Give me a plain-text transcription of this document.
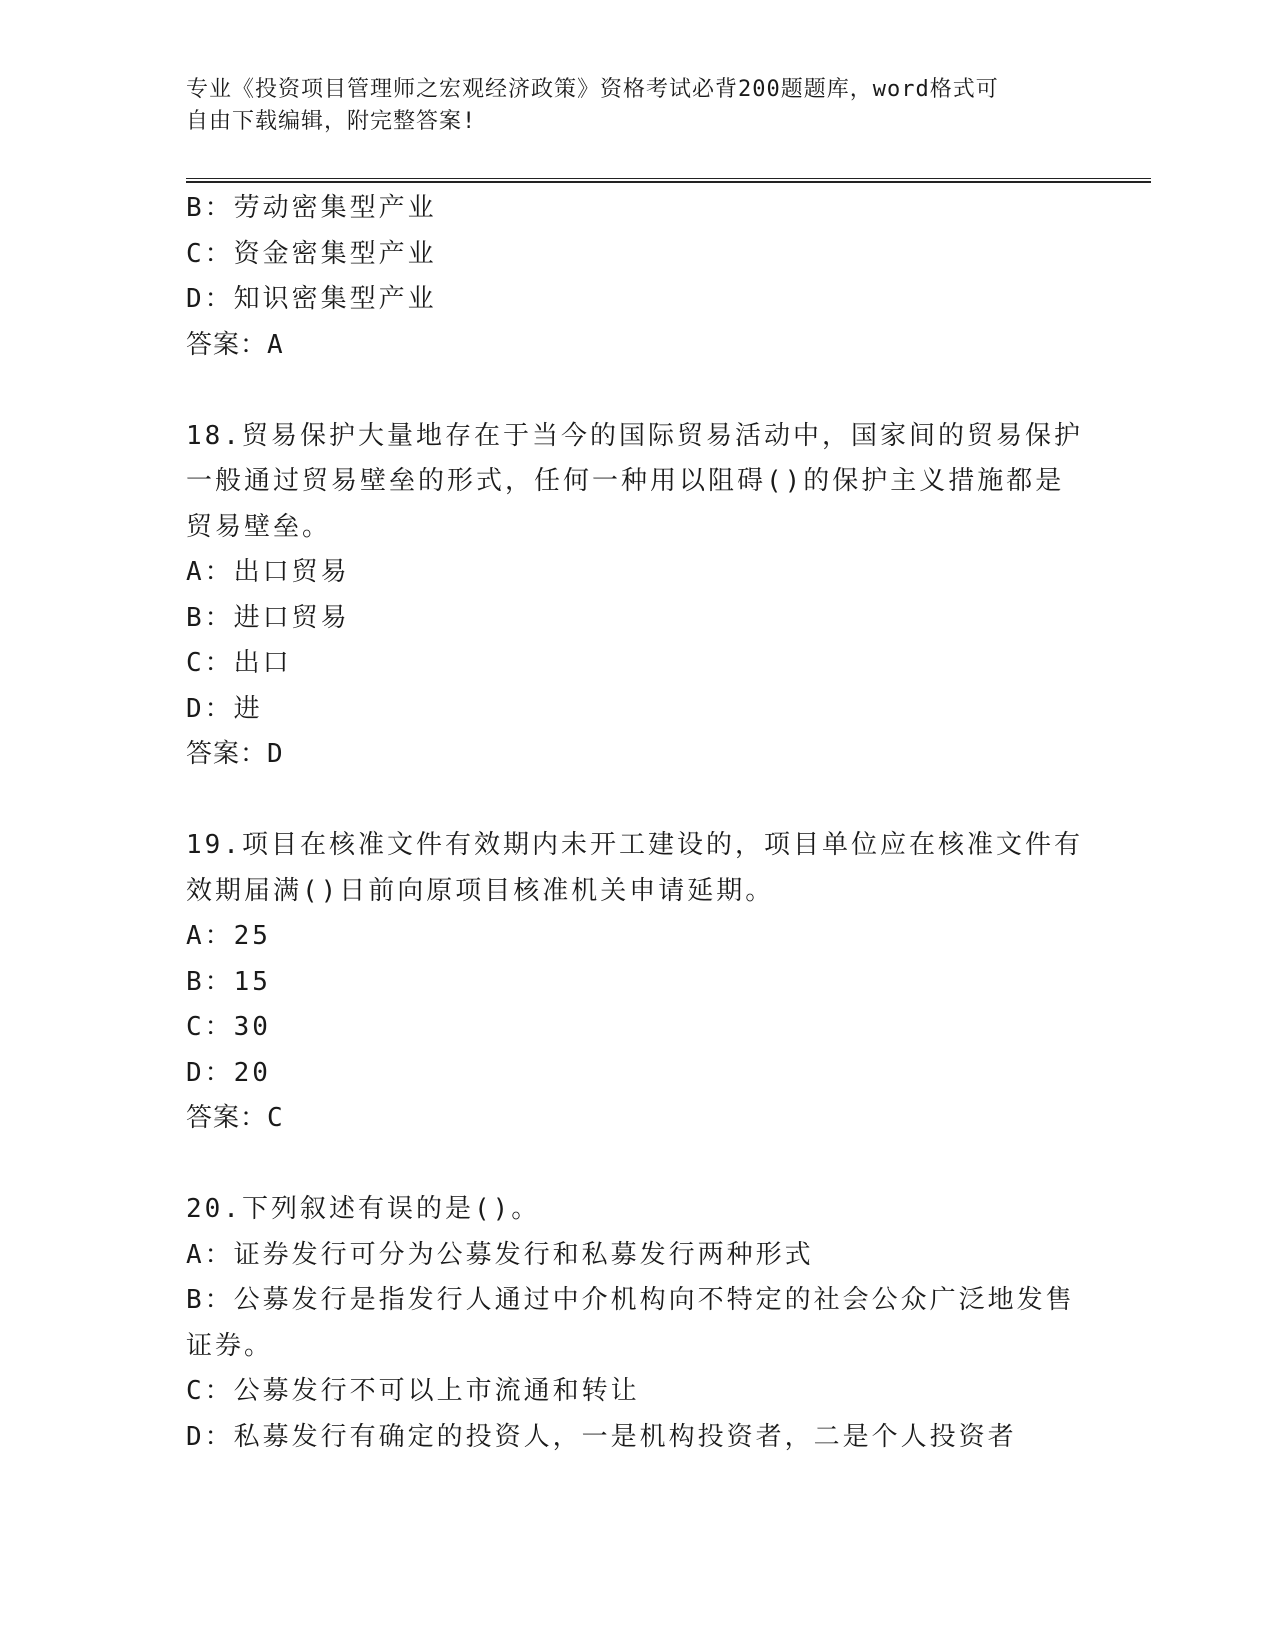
专业《投资项目管理师之宏观经济政策》资格考试必背200题题库，word格式可
自由下载编辑，附完整答案!
B：劳动密集型产业
C：资金密集型产业
D：知识密集型产业
答案：A
18.贸易保护大量地存在于当今的国际贸易活动中，国家间的贸易保护
一般通过贸易壁垒的形式，任何一种用以阻碍()的保护主义措施都是
贸易壁垒。
A：出口贸易
B：进口贸易
C：出口
D：进
答案：D
19.项目在核准文件有效期内未开工建设的，项目单位应在核准文件有
效期届满()日前向原项目核准机关申请延期。
A：25
B：15
C：30
D：20
答案：C
20.下列叙述有误的是()。
A：证券发行可分为公募发行和私募发行两种形式
B：公募发行是指发行人通过中介机构向不特定的社会公众广泛地发售
证券。
C：公募发行不可以上市流通和转让
D：私募发行有确定的投资人，一是机构投资者，二是个人投资者
